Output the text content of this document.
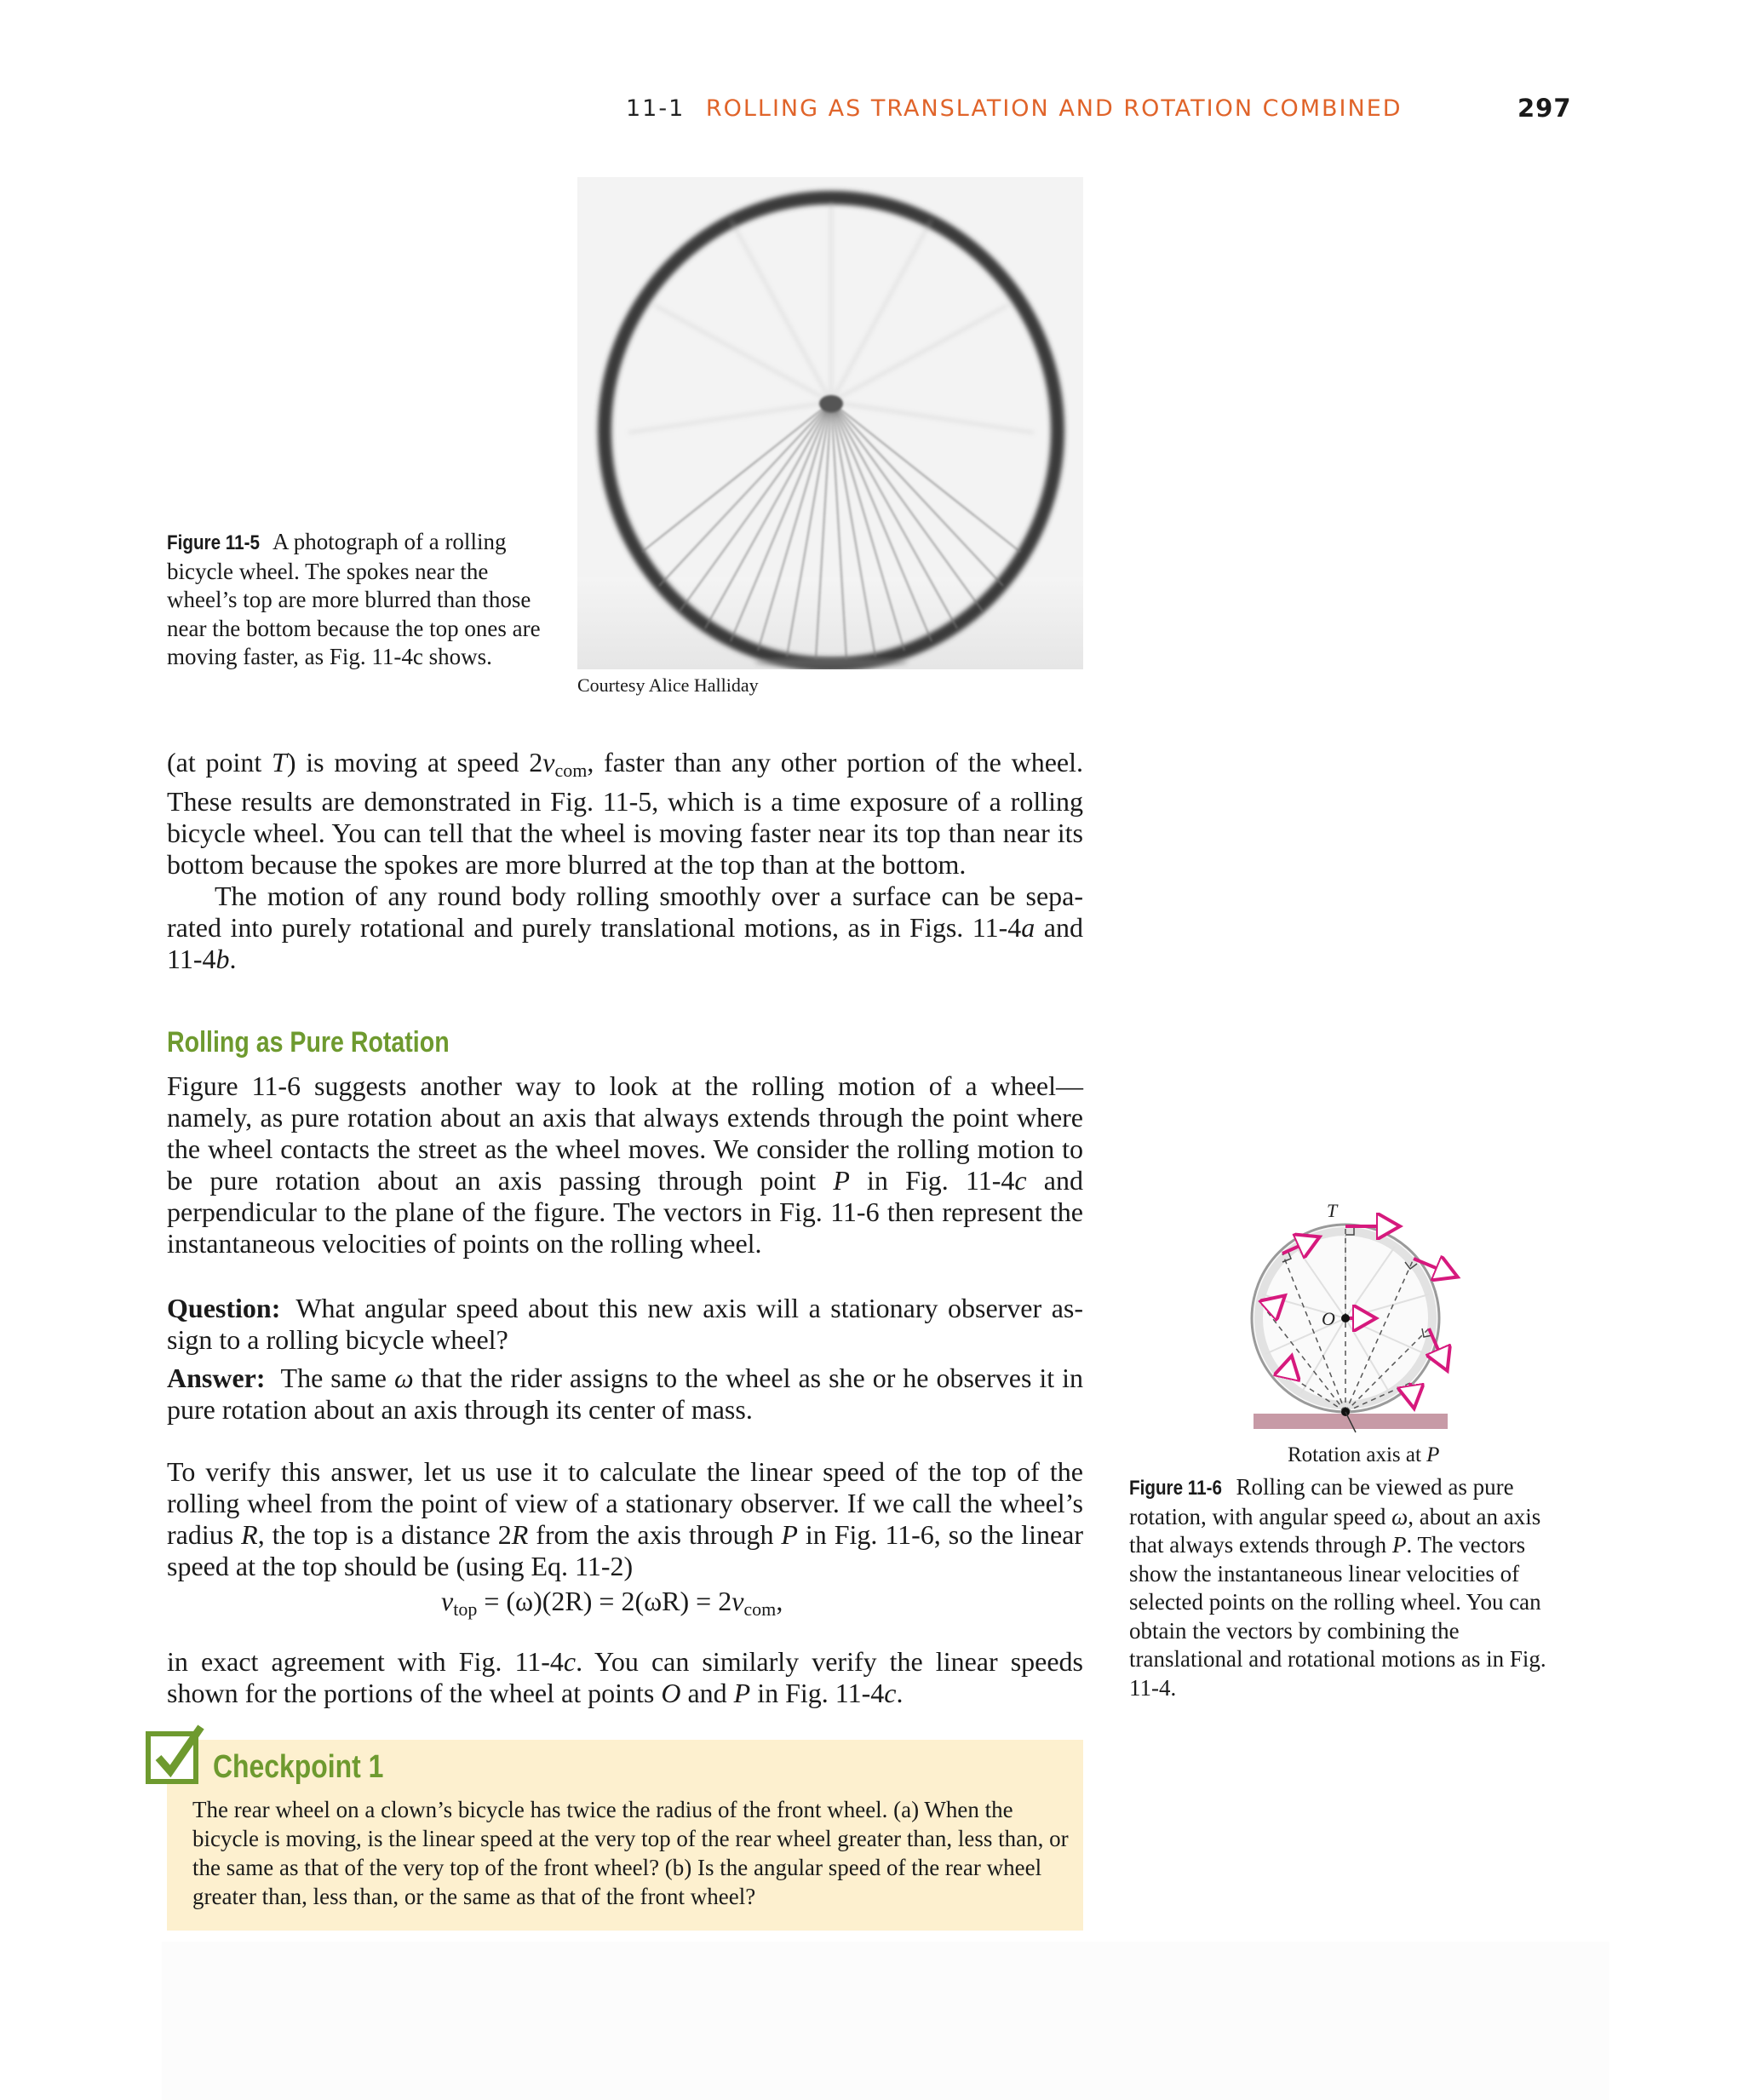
11-1 ROLLING AS TRANSLATION AND ROTATION COMBINED	297
Courtesy Alice Halliday
Figure 11-5 A photograph of a rolling bicycle wheel. The spokes near the wheel’s top are more blurred than those near the bottom because the top ones are moving faster, as Fig. 11-4c shows.

(at point T) is moving at speed $2v_{com}$, faster than any other portion of the wheel. These results are demonstrated in Fig. 11-5, which is a time exposure of a rolling bicycle wheel. You can tell that the wheel is moving faster near its top than near its bottom because the spokes are more blurred at the top than at the bottom.

The motion of any round body rolling smoothly over a surface can be sepa-rated into purely rotational and purely translational motions, as in Figs. 11-4a and 11-4b.

Rolling as Pure Rotation

Figure 11-6 suggests another way to look at the rolling motion of a wheel— namely, as pure rotation about an axis that always extends through the point where the wheel contacts the street as the wheel moves. We consider the rolling motion to be pure rotation about an axis passing through point P in Fig. 11-4c and perpendicular to the plane of the figure. The vectors in Fig. 11-6 then represent the instantaneous velocities of points on the rolling wheel.

Question: What angular speed about this new axis will a stationary observer as-sign to a rolling bicycle wheel?

Answer: The same ω that the rider assigns to the wheel as she or he observes it in pure rotation about an axis through its center of mass.

To verify this answer, let us use it to calculate the linear speed of the top of the rolling wheel from the point of view of a stationary observer. If we call the wheel’s radius R, the top is a distance 2R from the axis through P in Fig. 11-6, so the linear speed at the top should be (using Eq. 11-2)

$v_{top} = (\omega)(2R) = 2(\omega R) = 2v_{com}$,

in exact agreement with Fig. 11-4c. You can similarly verify the linear speeds shown for the portions of the wheel at points O and P in Fig. 11-4c.

Checkpoint 1
The rear wheel on a clown’s bicycle has twice the radius of the front wheel. (a) When the bicycle is moving, is the linear speed at the very top of the rear wheel greater than, less than, or the same as that of the very top of the front wheel? (b) Is the angular speed of the rear wheel greater than, less than, or the same as that of the front wheel?
T
O
Rotation axis at P
Figure 11-6 Rolling can be viewed as pure rotation, with angular speed ω, about an axis that always extends through P. The vectors show the instantaneous linear velocities of selected points on the rolling wheel. You can obtain the vectors by combining the translational and rotational motions as in Fig. 11-4.
